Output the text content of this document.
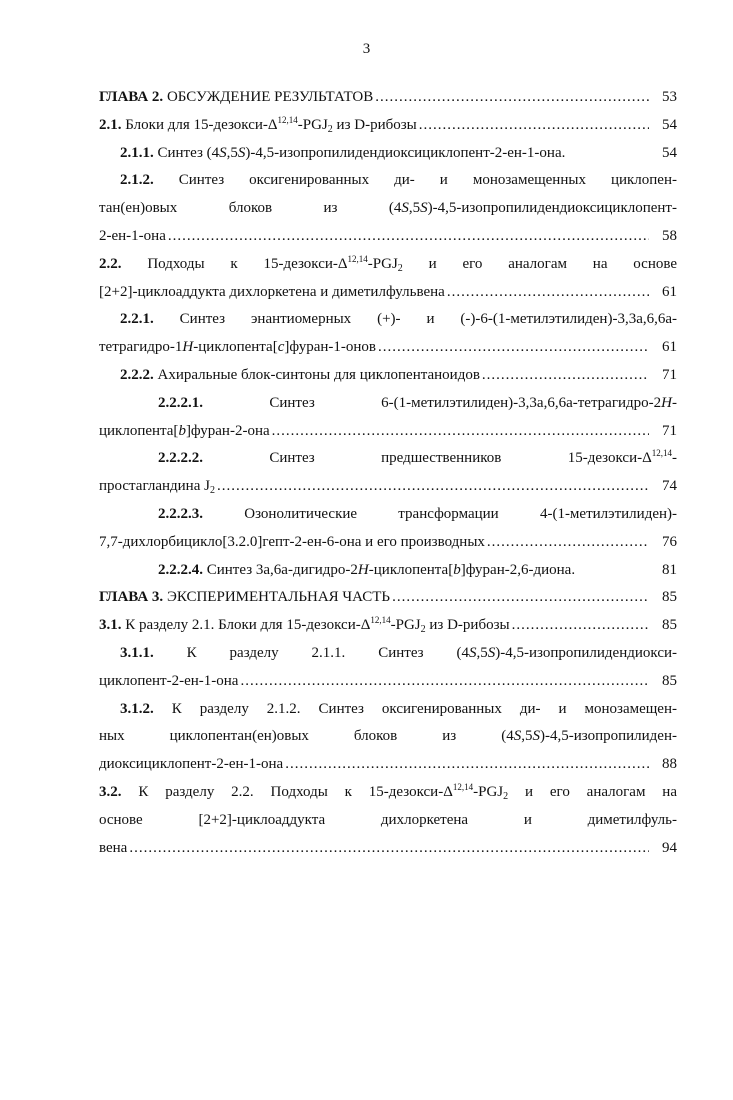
3
ГЛАВА 2. ОБСУЖДЕНИЕ РЕЗУЛЬТАТОВ .....	53
2.1. Блоки для $15-дезокси-\Delta^{12,14}-PGJ_2$ из D-рибозы .....	54
2.1.1. Синтез (4S,5S)-4,5-изопропилидендиоксициклопент-2-ен-1-она.	54
2.1.2. Синтез оксигенированных ди- и монозамещенных циклопен-
тан(ен)овых блоков из (4S,5S)-4,5-изопропилидендиоксициклопент-
2-ен-1-она .....	58
2.2. Подходы к $15-дезокси-\Delta^{12,14}-PGJ_2$ и его аналогам на основе
[2+2]-циклоаддукта дихлоркетена и диметилфульвена .....	61
2.2.1. Синтез энантиомерных (+)- и (-)-6-(1-метилэтилиден)-3,3а,6,6а-
тетрагидро-1H-циклопента[c]фуран-1-онов .....	61
2.2.2. Ахиральные блок-синтоны для циклопентаноидов .....	71
2.2.2.1. Синтез 6-(1-метилэтилиден)-3,3а,6,6а-тетрагидро-2H-
циклопента[b]фуран-2-она .....	71
2.2.2.2. Синтез предшественников $15-дезокси-\Delta^{12,14}-$
простагландина $J_2$ .....	74
2.2.2.3. Озонолитические трансформации 4-(1-метилэтилиден)-
7,7-дихлорбицикло[3.2.0]гепт-2-ен-6-она и его производных .....	76
2.2.2.4. Синтез 3а,6а-дигидро-2H-циклопента[b]фуран-2,6-диона.	81
ГЛАВА 3. ЭКСПЕРИМЕНТАЛЬНАЯ ЧАСТЬ .....	85
3.1. К разделу 2.1. Блоки для $15-дезокси-\Delta^{12,14}-PGJ_2$ из D-рибозы .....	85
3.1.1. К разделу 2.1.1. Синтез (4S,5S)-4,5-изопропилидендиокси-
циклопент-2-ен-1-она .....	85
3.1.2. К разделу 2.1.2. Синтез оксигенированных ди- и монозамещен-
ных циклопентан(ен)овых блоков из (4S,5S)-4,5-изопропилиден-
диоксициклопент-2-ен-1-она .....	88
3.2. К разделу 2.2. Подходы к $15-дезокси-\Delta^{12,14}-PGJ_2$ и его аналогам на
основе [2+2]-циклоаддукта дихлоркетена и диметилфуль-
вена .....	94
